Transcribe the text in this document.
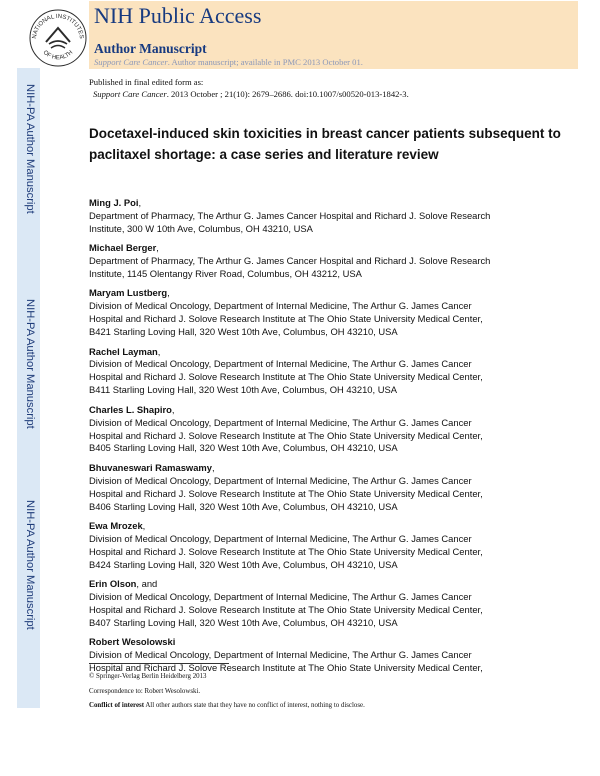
NATIONAL INSTITUTES
OF HEALTH
NIH Public Access
Author Manuscript
Support Care Cancer. Author manuscript; available in PMC 2013 October 01.
NIH-PA Author Manuscript
NIH-PA Author Manuscript
NIH-PA Author Manuscript
Published in final edited form as:
Support Care Cancer. 2013 October ; 21(10): 2679–2686. doi:10.1007/s00520-013-1842-3.
Docetaxel-induced skin toxicities in breast cancer patients subsequent to paclitaxel shortage: a case series and literature review
Ming J. Poi,
Department of Pharmacy, The Arthur G. James Cancer Hospital and Richard J. Solove Research
Institute, 300 W 10th Ave, Columbus, OH 43210, USA
Michael Berger,
Department of Pharmacy, The Arthur G. James Cancer Hospital and Richard J. Solove Research
Institute, 1145 Olentangy River Road, Columbus, OH 43212, USA
Maryam Lustberg,
Division of Medical Oncology, Department of Internal Medicine, The Arthur G. James Cancer
Hospital and Richard J. Solove Research Institute at The Ohio State University Medical Center,
B421 Starling Loving Hall, 320 West 10th Ave, Columbus, OH 43210, USA
Rachel Layman,
Division of Medical Oncology, Department of Internal Medicine, The Arthur G. James Cancer
Hospital and Richard J. Solove Research Institute at The Ohio State University Medical Center,
B411 Starling Loving Hall, 320 West 10th Ave, Columbus, OH 43210, USA
Charles L. Shapiro,
Division of Medical Oncology, Department of Internal Medicine, The Arthur G. James Cancer
Hospital and Richard J. Solove Research Institute at The Ohio State University Medical Center,
B405 Starling Loving Hall, 320 West 10th Ave, Columbus, OH 43210, USA
Bhuvaneswari Ramaswamy,
Division of Medical Oncology, Department of Internal Medicine, The Arthur G. James Cancer
Hospital and Richard J. Solove Research Institute at The Ohio State University Medical Center,
B406 Starling Loving Hall, 320 West 10th Ave, Columbus, OH 43210, USA
Ewa Mrozek,
Division of Medical Oncology, Department of Internal Medicine, The Arthur G. James Cancer
Hospital and Richard J. Solove Research Institute at The Ohio State University Medical Center,
B424 Starling Loving Hall, 320 West 10th Ave, Columbus, OH 43210, USA
Erin Olson, and
Division of Medical Oncology, Department of Internal Medicine, The Arthur G. James Cancer
Hospital and Richard J. Solove Research Institute at The Ohio State University Medical Center,
B407 Starling Loving Hall, 320 West 10th Ave, Columbus, OH 43210, USA
Robert Wesolowski
Division of Medical Oncology, Department of Internal Medicine, The Arthur G. James Cancer
Hospital and Richard J. Solove Research Institute at The Ohio State University Medical Center,
© Springer-Verlag Berlin Heidelberg 2013
Correspondence to: Robert Wesolowski.
Conflict of interest All other authors state that they have no conflict of interest, nothing to disclose.
